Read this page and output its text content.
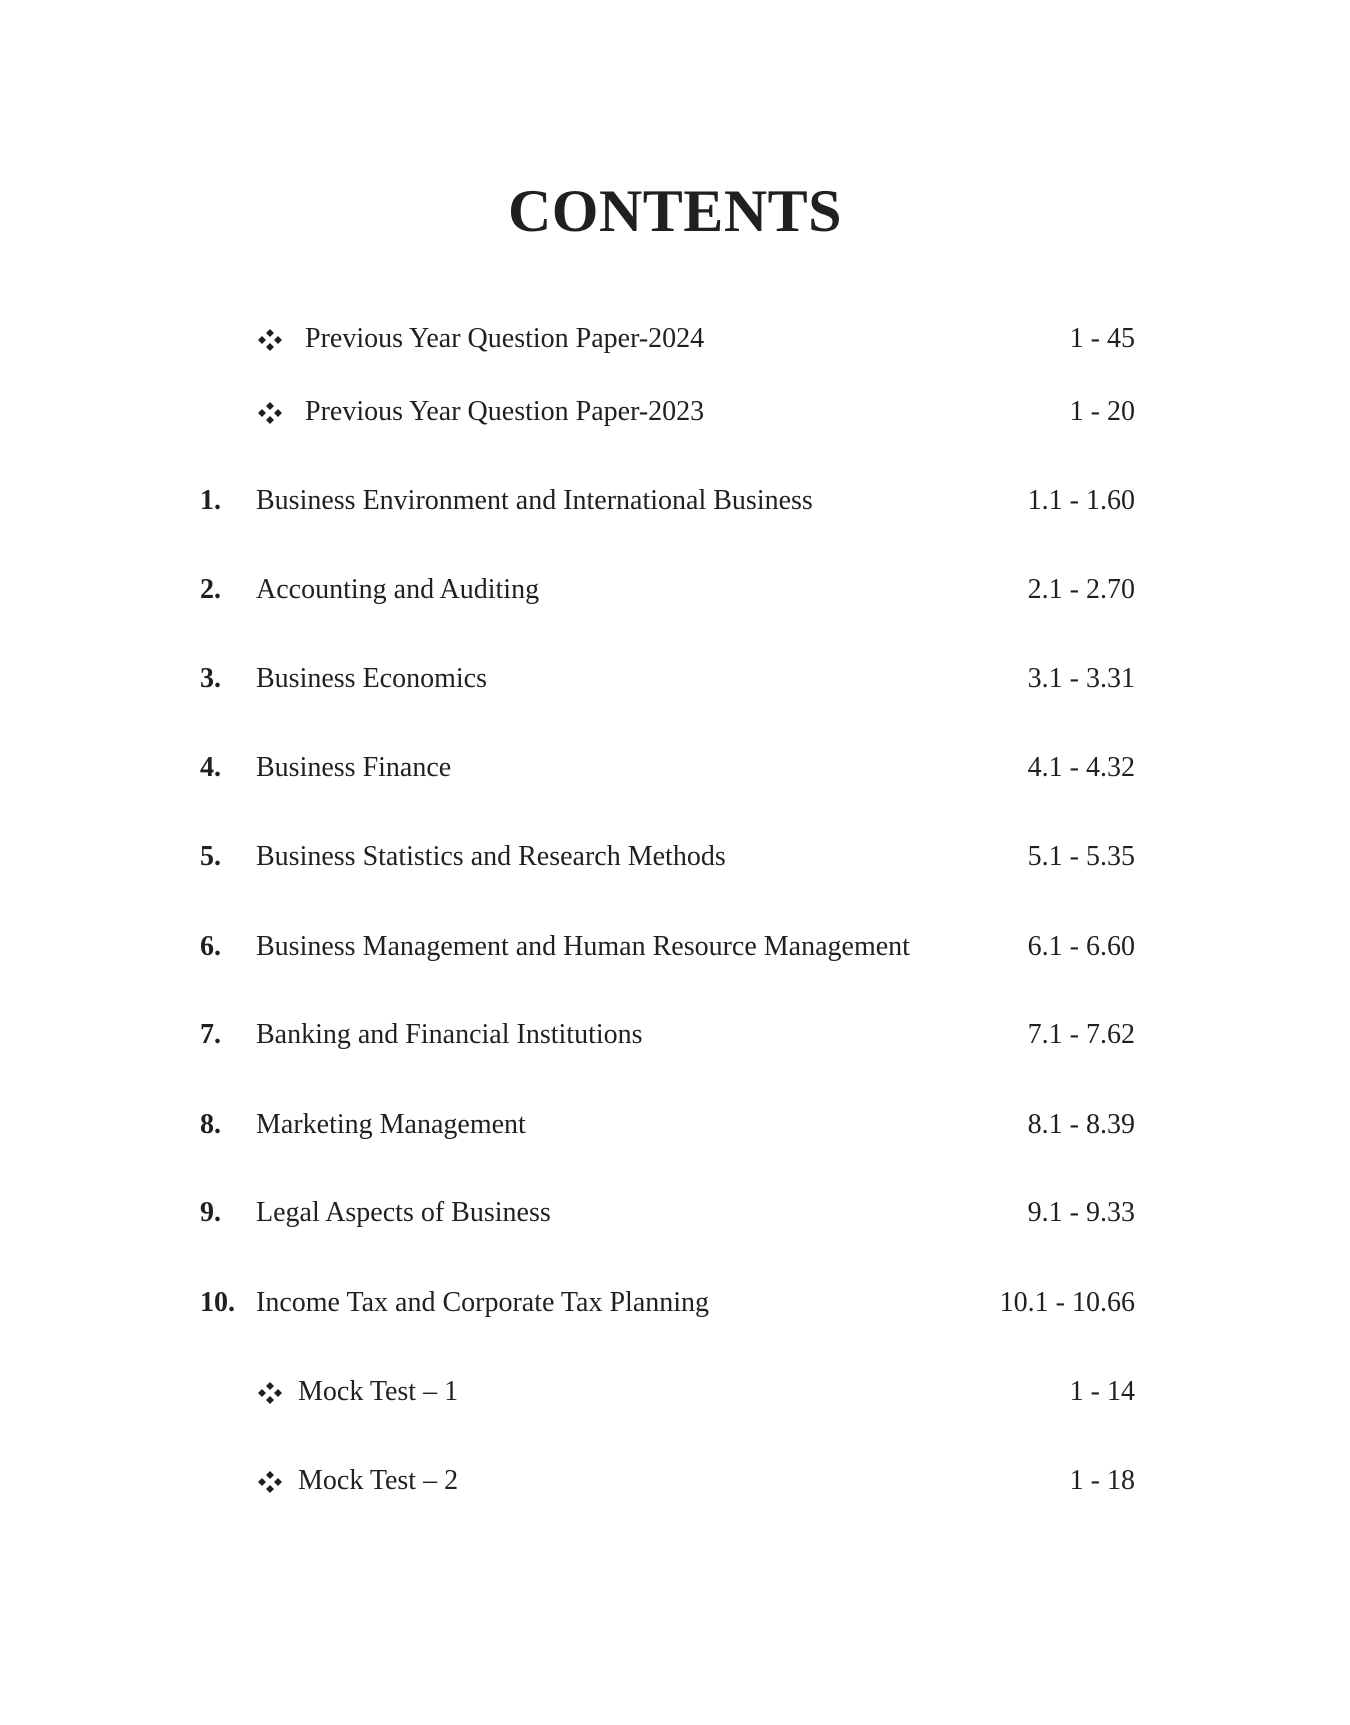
CONTENTS
Previous Year Question Paper-2024	1 - 45
Previous Year Question Paper-2023	1 - 20
1. Business Environment and International Business	1.1 - 1.60
2. Accounting and Auditing	2.1 - 2.70
3. Business Economics	3.1 - 3.31
4. Business Finance	4.1 - 4.32
5. Business Statistics and Research Methods	5.1 - 5.35
6. Business Management and Human Resource Management	6.1 - 6.60
7. Banking and Financial Institutions	7.1 - 7.62
8. Marketing Management	8.1 - 8.39
9. Legal Aspects of Business	9.1 - 9.33
10. Income Tax and Corporate Tax Planning	10.1 - 10.66
Mock Test – 1	1 - 14
Mock Test – 2	1 - 18
